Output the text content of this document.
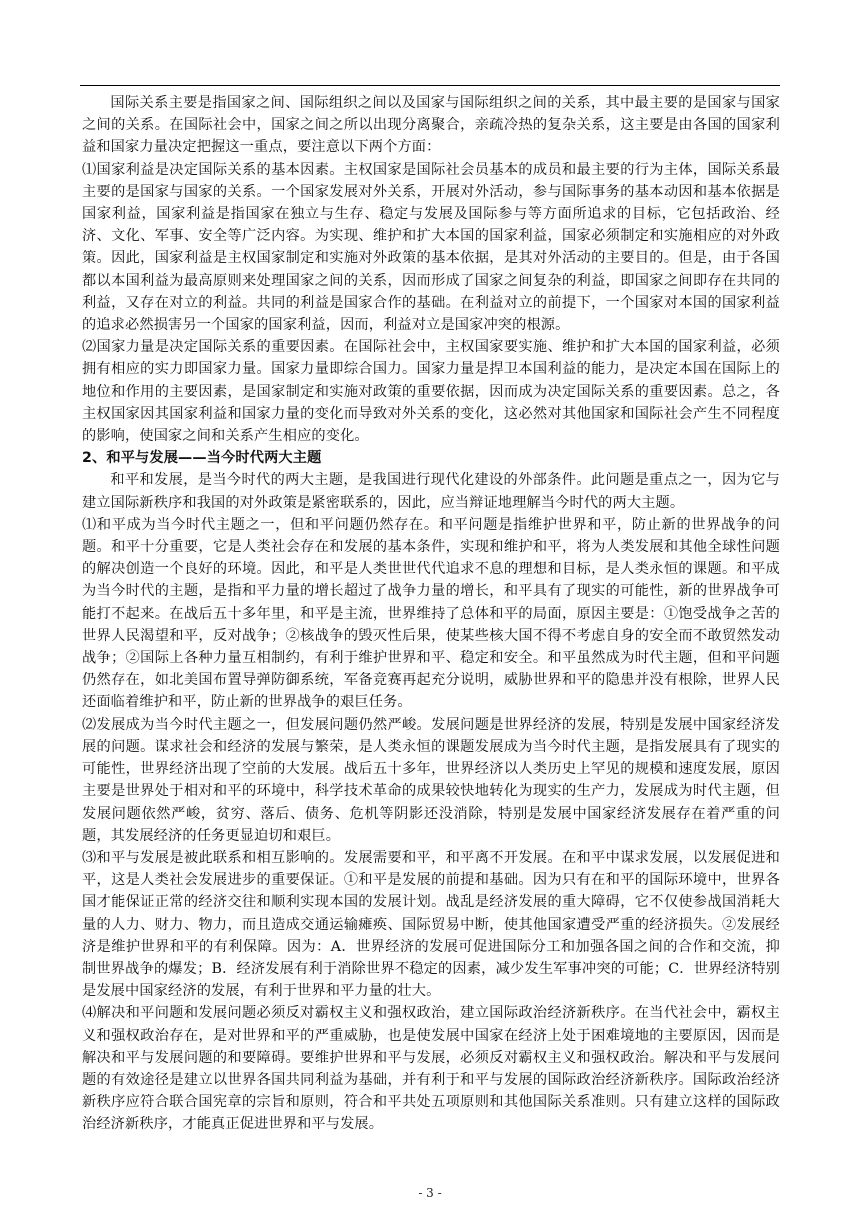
国际关系主要是指国家之间、国际组织之间以及国家与国际组织之间的关系，其中最主要的是国家与国家之间的关系。在国际社会中，国家之间之所以出现分离聚合，亲疏冷热的复杂关系，这主要是由各国的国家利益和国家力量决定把握这一重点，要注意以下两个方面：

⑴国家利益是决定国际关系的基本因素。主权国家是国际社会员基本的成员和最主要的行为主体，国际关系最主要的是国家与国家的关系。一个国家发展对外关系，开展对外活动，参与国际事务的基本动因和基本依据是国家利益，国家利益是指国家在独立与生存、稳定与发展及国际参与等方面所追求的目标，它包括政治、经济、文化、军事、安全等广泛内容。为实现、维护和扩大本国的国家利益，国家必须制定和实施相应的对外政策。因此，国家利益是主权国家制定和实施对外政策的基本依据，是其对外活动的主要目的。但是，由于各国都以本国利益为最高原则来处理国家之间的关系，因而形成了国家之间复杂的利益，即国家之间即存在共同的利益，又存在对立的利益。共同的利益是国家合作的基础。在利益对立的前提下，一个国家对本国的国家利益的追求必然损害另一个国家的国家利益，因而，利益对立是国家冲突的根源。

⑵国家力量是决定国际关系的重要因素。在国际社会中，主权国家要实施、维护和扩大本国的国家利益，必须拥有相应的实力即国家力量。国家力量即综合国力。国家力量是捍卫本国利益的能力，是决定本国在国际上的地位和作用的主要因素，是国家制定和实施对政策的重要依据，因而成为决定国际关系的重要因素。总之，各主权国家因其国家利益和国家力量的变化而导致对外关系的变化，这必然对其他国家和国际社会产生不同程度的影响，使国家之间和关系产生相应的变化。

2、和平与发展——当今时代两大主题

和平和发展，是当今时代的两大主题，是我国进行现代化建设的外部条件。此问题是重点之一，因为它与建立国际新秩序和我国的对外政策是紧密联系的，因此，应当辩证地理解当今时代的两大主题。

⑴和平成为当今时代主题之一，但和平问题仍然存在。和平问题是指维护世界和平，防止新的世界战争的问题。和平十分重要，它是人类社会存在和发展的基本条件，实现和维护和平，将为人类发展和其他全球性问题的解决创造一个良好的环境。因此，和平是人类世世代代追求不息的理想和目标，是人类永恒的课题。和平成为当今时代的主题，是指和平力量的增长超过了战争力量的增长，和平具有了现实的可能性，新的世界战争可能打不起来。在战后五十多年里，和平是主流，世界维持了总体和平的局面，原因主要是：①饱受战争之苦的世界人民渴望和平，反对战争；②核战争的毁灭性后果，使某些核大国不得不考虑自身的安全而不敢贸然发动战争；②国际上各种力量互相制约，有利于维护世界和平、稳定和安全。和平虽然成为时代主题，但和平问题仍然存在，如北美国布置导弹防御系统，军备竞赛再起充分说明，威胁世界和平的隐患并没有根除，世界人民还面临着维护和平，防止新的世界战争的艰巨任务。

⑵发展成为当今时代主题之一，但发展问题仍然严峻。发展问题是世界经济的发展，特别是发展中国家经济发展的问题。谋求社会和经济的发展与繁荣，是人类永恒的课题发展成为当今时代主题，是指发展具有了现实的可能性，世界经济出现了空前的大发展。战后五十多年，世界经济以人类历史上罕见的规模和速度发展，原因主要是世界处于相对和平的环境中，科学技术革命的成果较快地转化为现实的生产力，发展成为时代主题，但发展问题依然严峻，贫穷、落后、债务、危机等阴影还没消除，特别是发展中国家经济发展存在着严重的问题，其发展经济的任务更显迫切和艰巨。

⑶和平与发展是被此联系和相互影响的。发展需要和平，和平离不开发展。在和平中谋求发展，以发展促进和平，这是人类社会发展进步的重要保证。①和平是发展的前提和基础。因为只有在和平的国际环境中，世界各国才能保证正常的经济交往和顺利实现本国的发展计划。战乱是经济发展的重大障碍，它不仅使参战国消耗大量的人力、财力、物力，而且造成交通运输瘫痪、国际贸易中断，使其他国家遭受严重的经济损失。②发展经济是维护世界和平的有利保障。因为：A．世界经济的发展可促进国际分工和加强各国之间的合作和交流，抑制世界战争的爆发；B．经济发展有利于消除世界不稳定的因素，减少发生军事冲突的可能；C．世界经济特别是发展中国家经济的发展，有利于世界和平力量的壮大。

⑷解决和平问题和发展问题必须反对霸权主义和强权政治，建立国际政治经济新秩序。在当代社会中，霸权主义和强权政治存在，是对世界和平的严重威胁，也是使发展中国家在经济上处于困难境地的主要原因，因而是解决和平与发展问题的和要障碍。要维护世界和平与发展，必须反对霸权主义和强权政治。解决和平与发展问题的有效途径是建立以世界各国共同利益为基础，并有利于和平与发展的国际政治经济新秩序。国际政治经济新秩序应符合联合国宪章的宗旨和原则，符合和平共处五项原则和其他国际关系准则。只有建立这样的国际政治经济新秩序，才能真正促进世界和平与发展。

- 3 -
